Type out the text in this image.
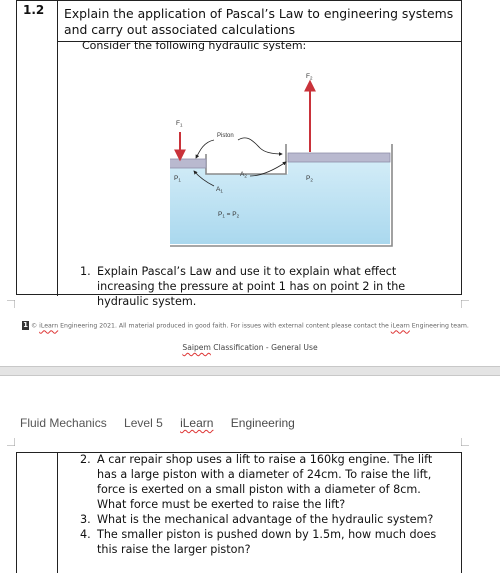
1.2 Explain the application of Pascal’s Law to engineering systems and carry out associated calculations
Consider the following hydraulic system:
$F_1$
$F_2$
Piston
$P_1$	$P_2$
$A_1$
$A_2$
$P_1 = P_2$
1. Explain Pascal’s Law and use it to explain what effect increasing the pressure at point 1 has on point 2 in the hydraulic system.
1 © iLearn Engineering 2021. All material produced in good faith. For issues with external content please contact the iLearn Engineering team.
Saipem Classification - General Use
Fluid Mechanics Level 5 iLearn Engineering
2. A car repair shop uses a lift to raise a 160kg engine. The lift has a large piston with a diameter of 24cm. To raise the lift, force is exerted on a small piston with a diameter of 8cm. What force must be exerted to raise the lift?
3. What is the mechanical advantage of the hydraulic system?
4. The smaller piston is pushed down by 1.5m, how much does this raise the larger piston?
